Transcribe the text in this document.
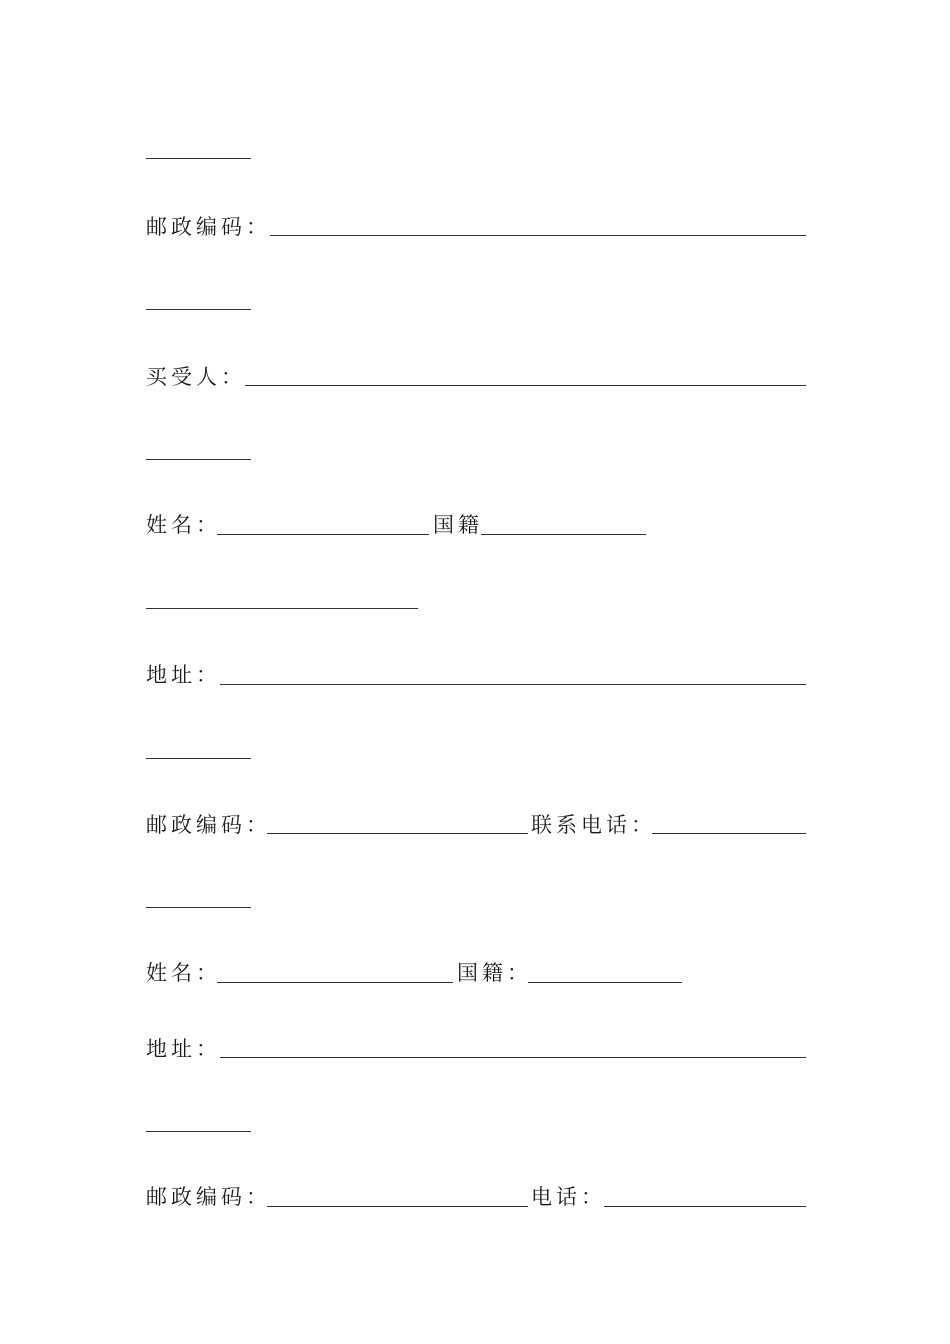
邮政编码：
买受人：
姓名：	国籍
地址：
邮政编码：	联系电话：
姓名：	国籍：
地址：
邮政编码：	电话：
